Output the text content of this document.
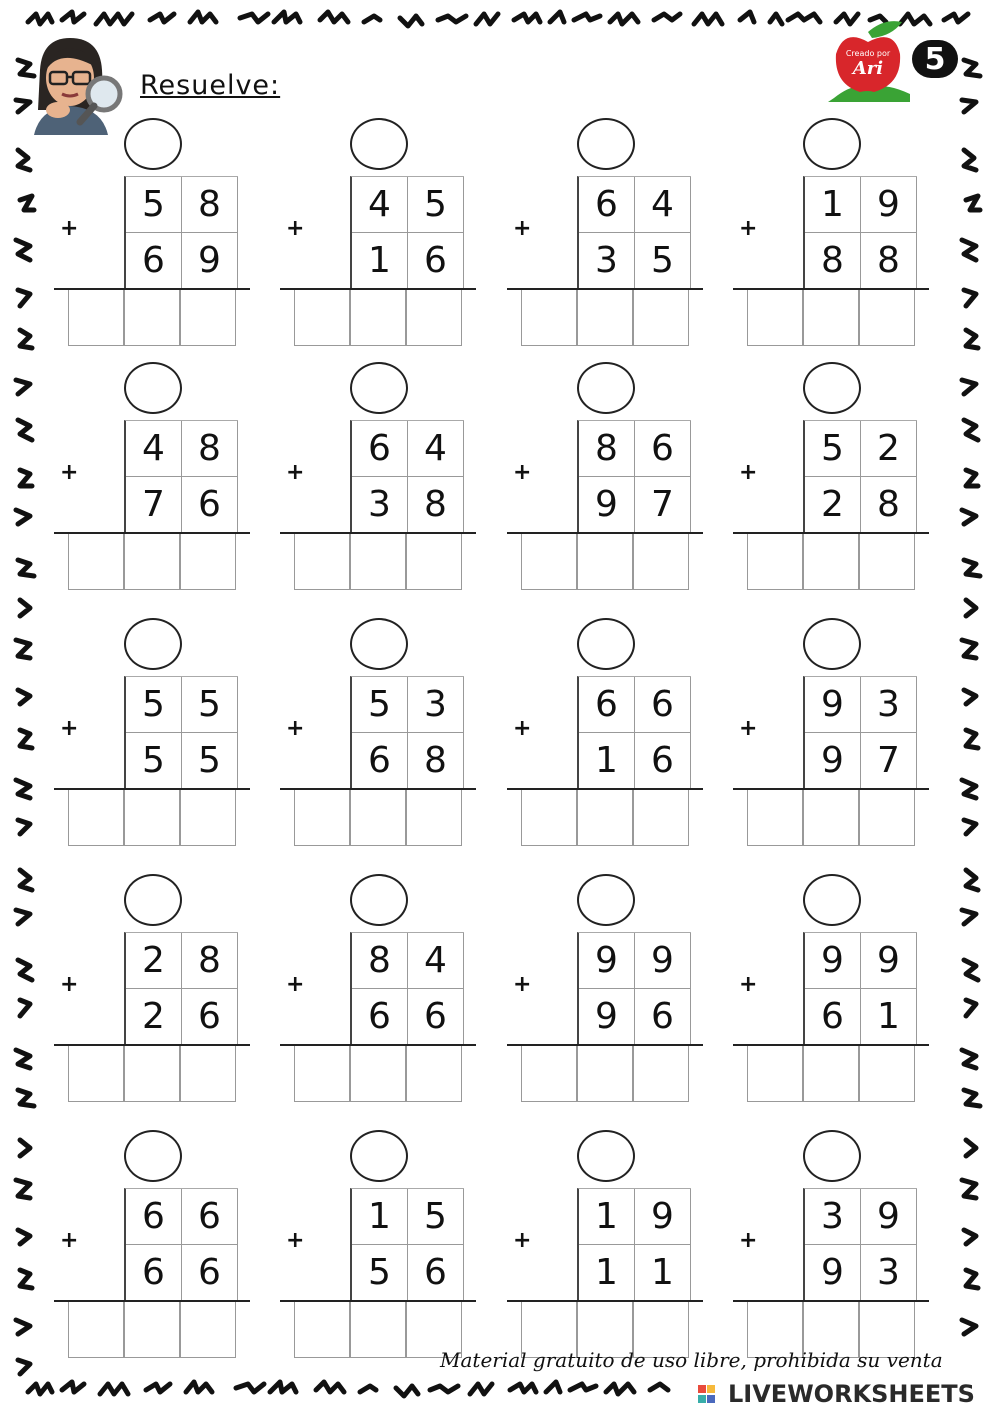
Resuelve:
Creado por
Ari	5
+
5 8
6 9
+
4 5
1 6
+
6 4
3 5
+
1 9
8 8
+
4 8
7 6
+
6 4
3 8
+
8 6
9 7
+
5 2
2 8
+
5 5
5 5
+
5 3
6 8
+
6 6
1 6
+
9 3
9 7
+
2 8
2 6
+
8 4
6 6
+
9 9
9 6
+
9 9
6 1
+
6 6
6 6
+
1 5
5 6
+
1 9
1 1
+
3 9
9 3
Material gratuito de uso libre, prohibida su venta
LIVEWORKSHEETS
